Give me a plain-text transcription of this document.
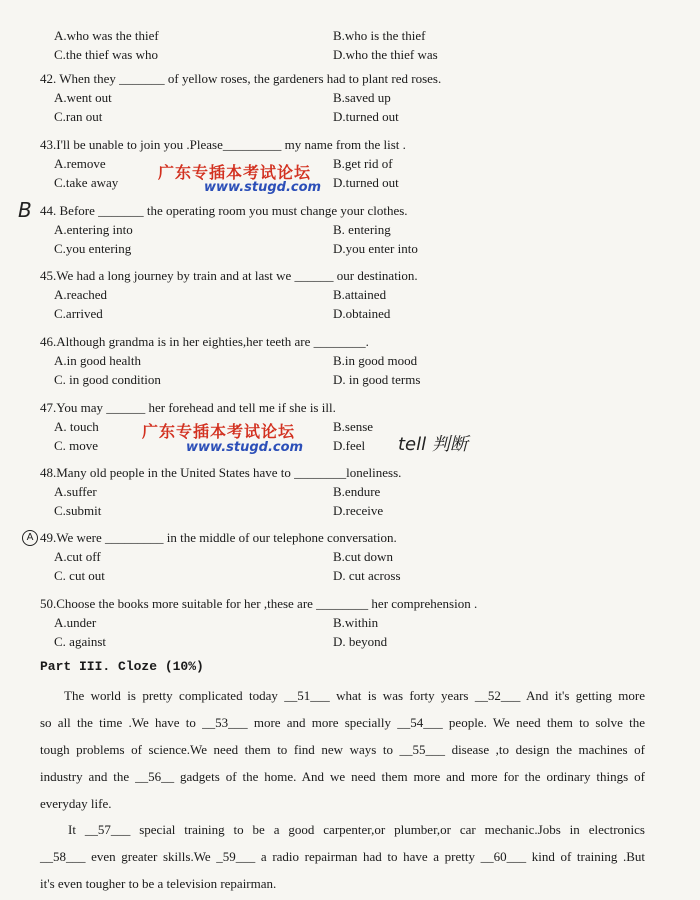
A.who was the thief	B.who is the thief
C.the thief was who	D.who the thief was
42. When they _______ of yellow roses, the gardeners had to plant red roses.
A.went out	B.saved up
C.ran out	D.turned out
43.I'll be unable to join you .Please_________ my name from the list .
A.remove	B.get rid of
C.take away	D.turned out
44. Before _______ the operating room you must change your clothes.
A.entering into	B. entering
C.you entering	D.you enter into
45.We had a long journey by train and at last we ______ our destination.
A.reached	B.attained
C.arrived	D.obtained
46.Although grandma is in her eighties,her teeth are ________.
A.in good health	B.in good mood
C. in good condition	D. in good terms
47.You may ______ her forehead and tell me if she is ill.
A. touch	B.sense
C. move	D.feel
48.Many old people in the United States have to ________loneliness.
A.suffer	B.endure
C.submit	D.receive
49.We were _________ in the middle of our telephone conversation.
A.cut off	B.cut down
C. cut out	D. cut across
50.Choose the books more suitable for her ,these are ________ her comprehension .
A.under	B.within
C. against	D. beyond
广东专插本考试论坛
www.stugd.com
广东专插本考试论坛
www.stugd.com
B
A
tell 判断
Part III. Cloze (10%)
The world is pretty complicated today __51___ what is was forty years __52___ And it's getting more
so all the time .We have to __53___ more and more specially __54___ people. We need them to solve the
tough problems of science.We need them to find new ways to __55___ disease ,to design the machines of
industry and the __56__ gadgets of the home. And we need them more and more for the ordinary things of
everyday life.
It __57___ special training to be a good carpenter,or plumber,or car mechanic.Jobs in electronics
__58___ even greater skills.We _59___ a radio repairman had to have a pretty __60___ kind of training .But
it's even tougher to be a television repairman.
